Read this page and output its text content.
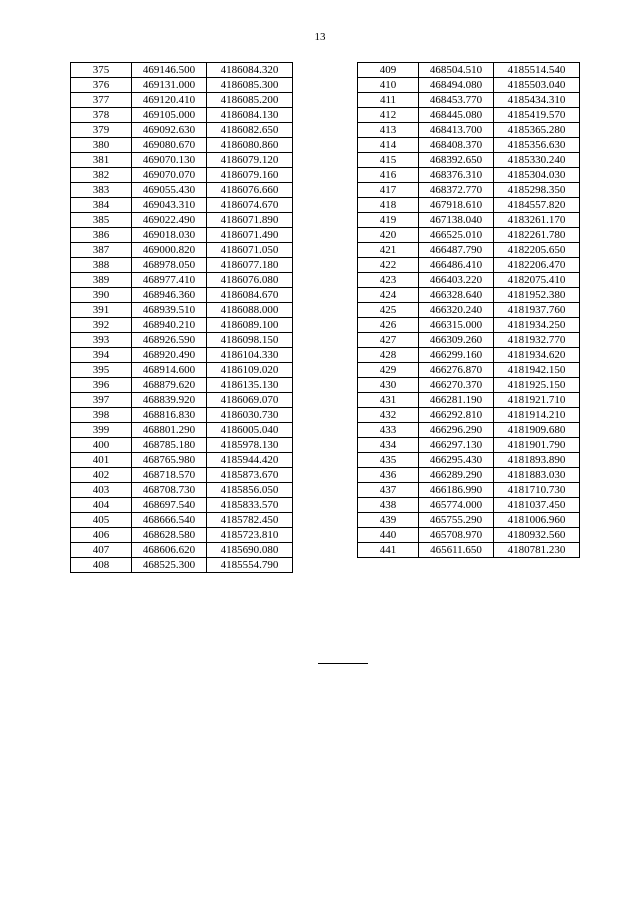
13
375	469146.500	4186084.320
376	469131.000	4186085.300
377	469120.410	4186085.200
378	469105.000	4186084.130
379	469092.630	4186082.650
380	469080.670	4186080.860
381	469070.130	4186079.120
382	469070.070	4186079.160
383	469055.430	4186076.660
384	469043.310	4186074.670
385	469022.490	4186071.890
386	469018.030	4186071.490
387	469000.820	4186071.050
388	468978.050	4186077.180
389	468977.410	4186076.080
390	468946.360	4186084.670
391	468939.510	4186088.000
392	468940.210	4186089.100
393	468926.590	4186098.150
394	468920.490	4186104.330
395	468914.600	4186109.020
396	468879.620	4186135.130
397	468839.920	4186069.070
398	468816.830	4186030.730
399	468801.290	4186005.040
400	468785.180	4185978.130
401	468765.980	4185944.420
402	468718.570	4185873.670
403	468708.730	4185856.050
404	468697.540	4185833.570
405	468666.540	4185782.450
406	468628.580	4185723.810
407	468606.620	4185690.080
408	468525.300	4185554.790
409	468504.510	4185514.540
410	468494.080	4185503.040
411	468453.770	4185434.310
412	468445.080	4185419.570
413	468413.700	4185365.280
414	468408.370	4185356.630
415	468392.650	4185330.240
416	468376.310	4185304.030
417	468372.770	4185298.350
418	467918.610	4184557.820
419	467138.040	4183261.170
420	466525.010	4182261.780
421	466487.790	4182205.650
422	466486.410	4182206.470
423	466403.220	4182075.410
424	466328.640	4181952.380
425	466320.240	4181937.760
426	466315.000	4181934.250
427	466309.260	4181932.770
428	466299.160	4181934.620
429	466276.870	4181942.150
430	466270.370	4181925.150
431	466281.190	4181921.710
432	466292.810	4181914.210
433	466296.290	4181909.680
434	466297.130	4181901.790
435	466295.430	4181893.890
436	466289.290	4181883.030
437	466186.990	4181710.730
438	465774.000	4181037.450
439	465755.290	4181006.960
440	465708.970	4180932.560
441	465611.650	4180781.230
